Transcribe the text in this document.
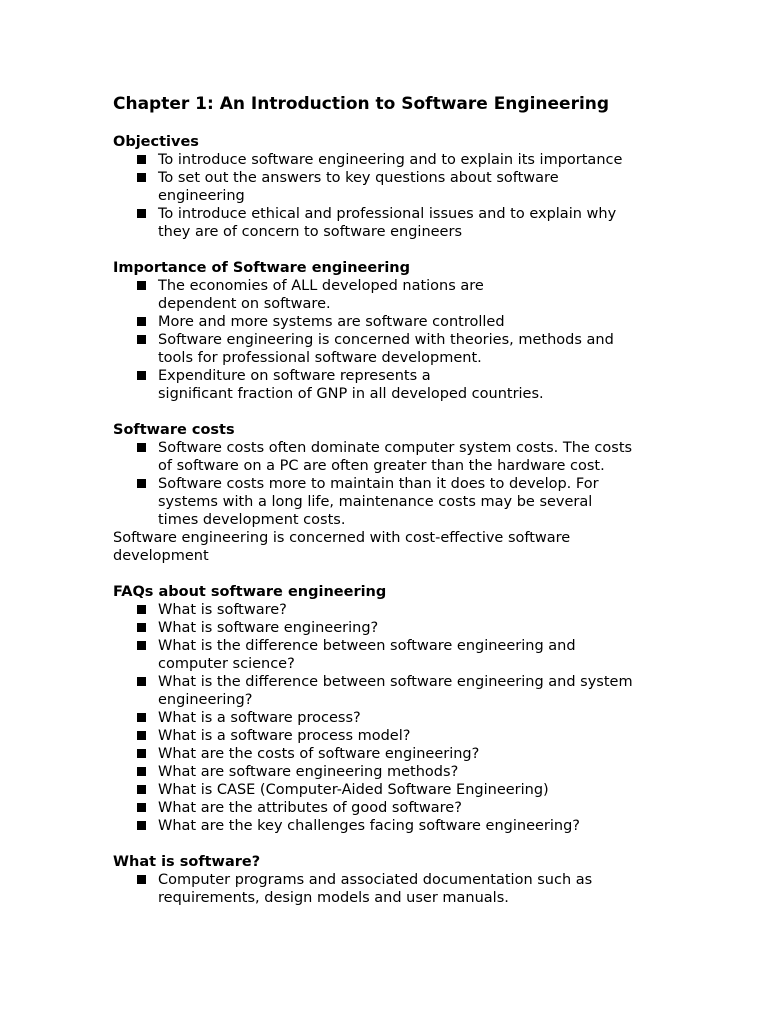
Chapter 1: An Introduction to Software Engineering
Objectives
To introduce software engineering and to explain its importance
To set out the answers to key questions about software
engineering
To introduce ethical and professional issues and to explain why
they are of concern to software engineers
Importance of Software engineering
The economies of ALL developed nations are
dependent on software.
More and more systems are software controlled
Software engineering is concerned with theories, methods and
tools for professional software development.
Expenditure on software represents a
significant fraction of GNP in all developed countries.
Software costs
Software costs often dominate computer system costs. The costs
of software on a PC are often greater than the hardware cost.
Software costs more to maintain than it does to develop. For
systems with a long life, maintenance costs may be several
times development costs.

Software engineering is concerned with cost-effective software
development

FAQs about software engineering
What is software?
What is software engineering?
What is the difference between software engineering and
computer science?
What is the difference between software engineering and system
engineering?
What is a software process?
What is a software process model?
What are the costs of software engineering?
What are software engineering methods?
What is CASE (Computer-Aided Software Engineering)
What are the attributes of good software?
What are the key challenges facing software engineering?
What is software?
Computer programs and associated documentation such as
requirements, design models and user manuals.
